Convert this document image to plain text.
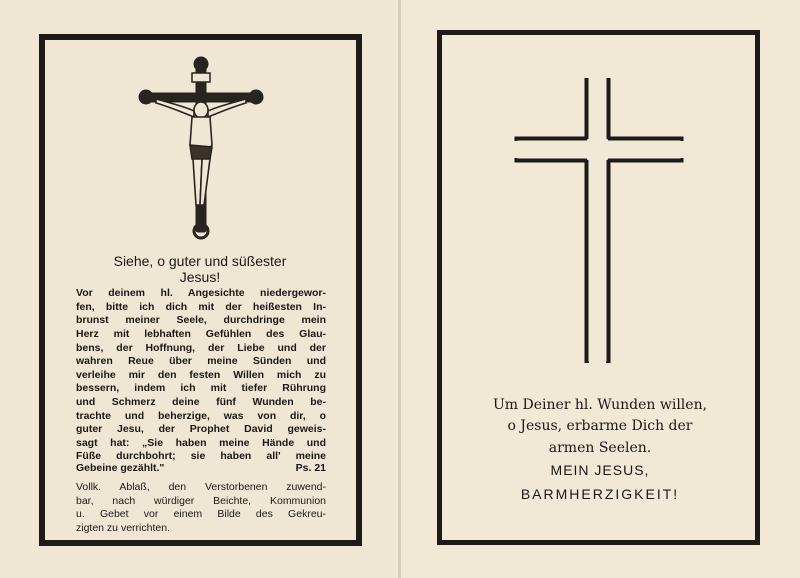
Siehe, o guter und süßester
Jesus!
Vor deinem hl. Angesichte niedergewor-
fen, bitte ich dich mit der heißesten In-
brunst meiner Seele, durchdringe mein
Herz mit lebhaften Gefühlen des Glau-
bens, der Hoffnung, der Liebe und der
wahren Reue über meine Sünden und
verleihe mir den festen Willen mich zu
bessern, indem ich mit tiefer Rührung
und Schmerz deine fünf Wunden be-
trachte und beherzige, was von dir, o
guter Jesu, der Prophet David geweis-
sagt hat: „Sie haben meine Hände und
Füße durchbohrt; sie haben all' meine
Gebeine gezählt."	Ps. 21
Vollk. Ablaß, den Verstorbenen zuwend-
bar, nach würdiger Beichte, Kommunion
u. Gebet vor einem Bilde des Gekreu-
zigten zu verrichten.
Um Deiner hl. Wunden willen,
o Jesus, erbarme Dich der
armen Seelen.
MEIN JESUS,
BARMHERZIGKEIT!
